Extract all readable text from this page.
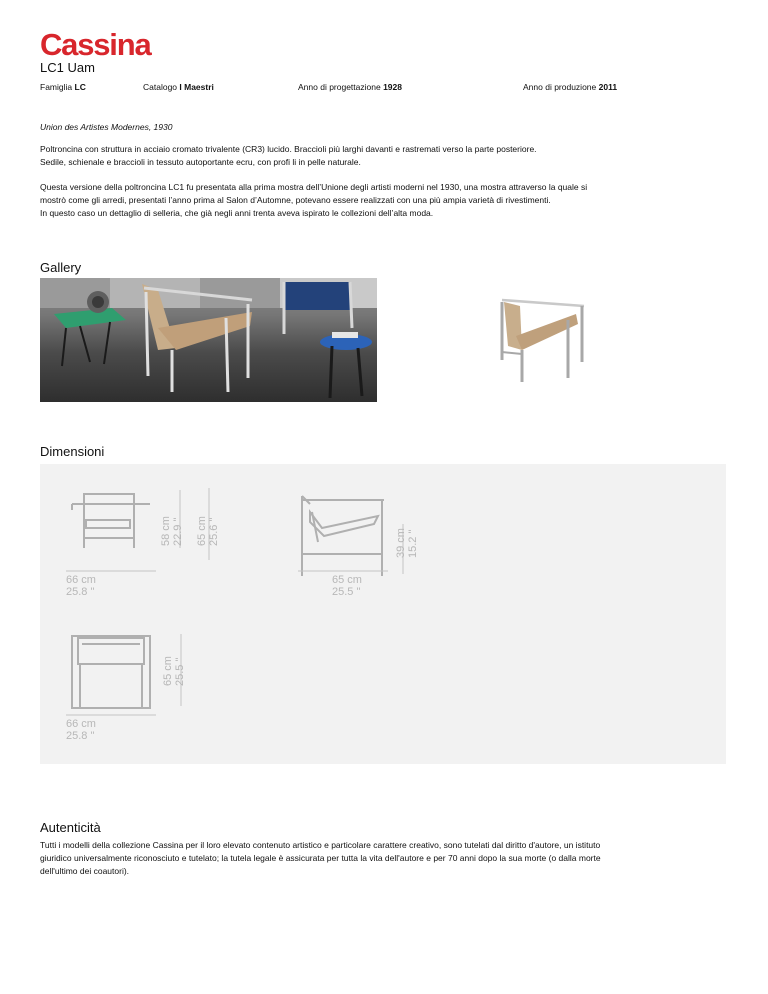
Cassina
LC1 Uam
Famiglia LC	Catalogo I Maestri	Anno di progettazione 1928	Anno di produzione 2011
Union des Artistes Modernes, 1930
Poltroncina con struttura in acciaio cromato trivalente (CR3) lucido. Braccioli più larghi davanti e rastremati verso la parte posteriore.
Sedile, schienale e braccioli in tessuto autoportante ecru, con profi li in pelle naturale.
Questa versione della poltroncina LC1 fu presentata alla prima mostra dell’Unione degli artisti moderni nel 1930, una mostra attraverso la quale si
mostrò come gli arredi, presentati l’anno prima al Salon d’Automne, potevano essere realizzati con una più ampia varietà di rivestimenti.
In questo caso un dettaglio di selleria, che già negli anni trenta aveva ispirato le collezioni dell’alta moda.
Gallery
Dimensioni
66 cm
25.8 "
58 cm 22.9 " 65 cm 25.6 "
65 cm
25.5 "
39 cm 15.2 "
66 cm
25.8 "
65 cm 25.5 "
Autenticità
Tutti i modelli della collezione Cassina per il loro elevato contenuto artistico e particolare carattere creativo, sono tutelati dal diritto d'autore, un istituto
giuridico universalmente riconosciuto e tutelato; la tutela legale è assicurata per tutta la vita dell'autore e per 70 anni dopo la sua morte (o dalla morte
dell'ultimo dei coautori).
